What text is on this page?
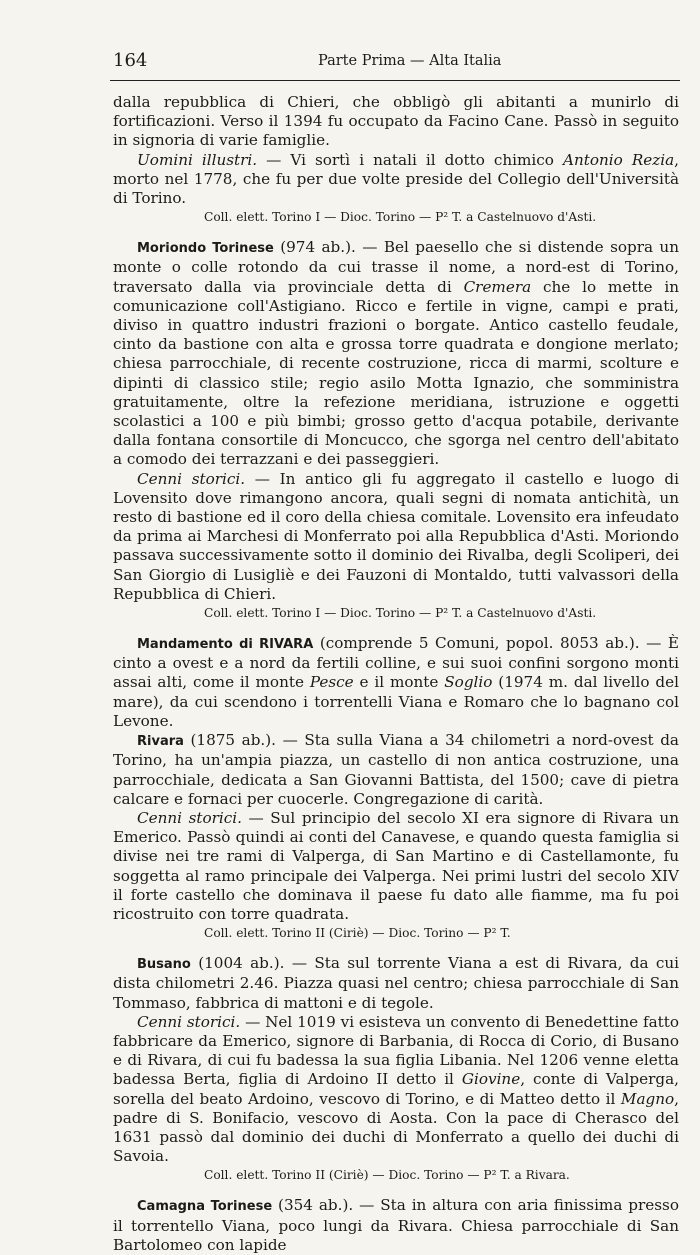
164	Parte Prima — Alta Italia

dalla repubblica di Chieri, che obbligò gli abitanti a munirlo di fortificazioni. Verso il 1394 fu occupato da Facino Cane. Passò in seguito in signoria di varie famiglie.

Uomini illustri. — Vi sortì i natali il dotto chimico Antonio Rezia, morto nel 1778, che fu per due volte preside del Collegio dell'Università di Torino.

Coll. elett. Torino I — Dioc. Torino — P² T. a Castelnuovo d'Asti.

Moriondo Torinese (974 ab.). — Bel paesello che si distende sopra un monte o colle rotondo da cui trasse il nome, a nord-est di Torino, traversato dalla via provinciale detta di Cremera che lo mette in comunicazione coll'Astigiano. Ricco e fertile in vigne, campi e prati, diviso in quattro industri frazioni o borgate. Antico castello feudale, cinto da bastione con alta e grossa torre quadrata e dongione merlato; chiesa parrocchiale, di recente costruzione, ricca di marmi, scolture e dipinti di classico stile; regio asilo Motta Ignazio, che somministra gratuitamente, oltre la refezione meridiana, istruzione e oggetti scolastici a 100 e più bimbi; grosso getto d'acqua potabile, derivante dalla fontana consortile di Moncucco, che sgorga nel centro dell'abitato a comodo dei terrazzani e dei passeggieri.

Cenni storici. — In antico gli fu aggregato il castello e luogo di Lovensito dove rimangono ancora, quali segni di nomata antichità, un resto di bastione ed il coro della chiesa comitale. Lovensito era infeudato da prima ai Marchesi di Monferrato poi alla Repubblica d'Asti. Moriondo passava successivamente sotto il dominio dei Rivalba, degli Scoliperi, dei San Giorgio di Lusigliè e dei Fauzoni di Montaldo, tutti valvassori della Repubblica di Chieri.

Coll. elett. Torino I — Dioc. Torino — P² T. a Castelnuovo d'Asti.

Mandamento di RIVARA (comprende 5 Comuni, popol. 8053 ab.). — È cinto a ovest e a nord da fertili colline, e sui suoi confini sorgono monti assai alti, come il monte Pesce e il monte Soglio (1974 m. dal livello del mare), da cui scendono i torrentelli Viana e Romaro che lo bagnano col Levone.

Rivara (1875 ab.). — Sta sulla Viana a 34 chilometri a nord-ovest da Torino, ha un'ampia piazza, un castello di non antica costruzione, una parrocchiale, dedicata a San Giovanni Battista, del 1500; cave di pietra calcare e fornaci per cuocerle. Congregazione di carità.

Cenni storici. — Sul principio del secolo XI era signore di Rivara un Emerico. Passò quindi ai conti del Canavese, e quando questa famiglia si divise nei tre rami di Valperga, di San Martino e di Castellamonte, fu soggetta al ramo principale dei Valperga. Nei primi lustri del secolo XIV il forte castello che dominava il paese fu dato alle fiamme, ma fu poi ricostruito con torre quadrata.

Coll. elett. Torino II (Ciriè) — Dioc. Torino — P² T.

Busano (1004 ab.). — Sta sul torrente Viana a est di Rivara, da cui dista chilometri 2.46. Piazza quasi nel centro; chiesa parrocchiale di San Tommaso, fabbrica di mattoni e di tegole.

Cenni storici. — Nel 1019 vi esisteva un convento di Benedettine fatto fabbricare da Emerico, signore di Barbania, di Rocca di Corio, di Busano e di Rivara, di cui fu badessa la sua figlia Libania. Nel 1206 venne eletta badessa Berta, figlia di Ardoino II detto il Giovine, conte di Valperga, sorella del beato Ardoino, vescovo di Torino, e di Matteo detto il Magno, padre di S. Bonifacio, vescovo di Aosta. Con la pace di Cherasco del 1631 passò dal dominio dei duchi di Monferrato a quello dei duchi di Savoia.

Coll. elett. Torino II (Ciriè) — Dioc. Torino — P² T. a Rivara.

Camagna Torinese (354 ab.). — Sta in altura con aria finissima presso il torrentello Viana, poco lungi da Rivara. Chiesa parrocchiale di San Bartolomeo con lapide
